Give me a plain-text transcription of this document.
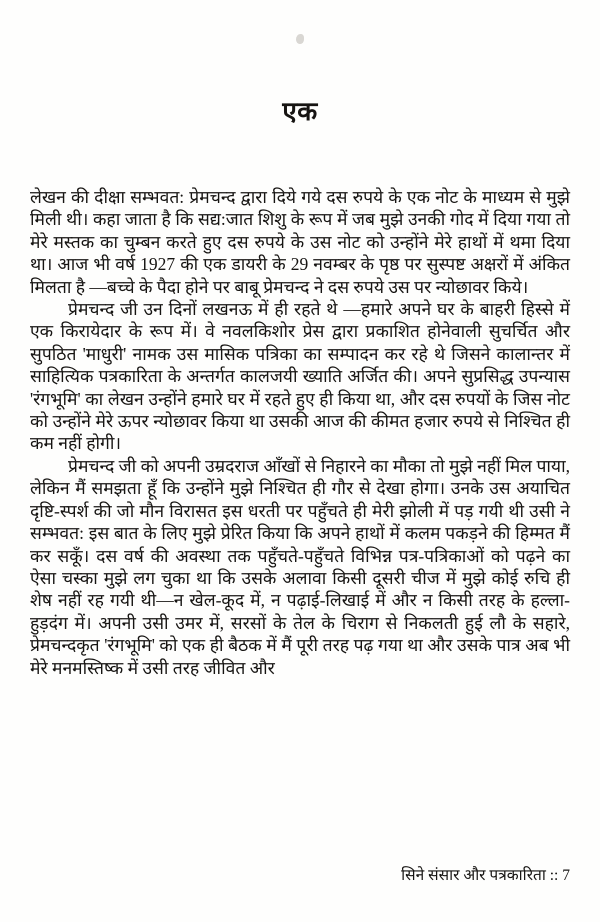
एक

लेखन की दीक्षा सम्भवत: प्रेमचन्द द्वारा दिये गये दस रुपये के एक नोट के माध्यम से मुझे मिली थी। कहा जाता है कि सद्य:जात शिशु के रूप में जब मुझे उनकी गोद में दिया गया तो मेरे मस्तक का चुम्बन करते हुए दस रुपये के उस नोट को उन्होंने मेरे हाथों में थमा दिया था। आज भी वर्ष 1927 की एक डायरी के 29 नवम्बर के पृष्ठ पर सुस्पष्ट अक्षरों में अंकित मिलता है —बच्चे के पैदा होने पर बाबू प्रेमचन्द ने दस रुपये उस पर न्योछावर किये।

प्रेमचन्द जी उन दिनों लखनऊ में ही रहते थे —हमारे अपने घर के बाहरी हिस्से में एक किरायेदार के रूप में। वे नवलकिशोर प्रेस द्वारा प्रकाशित होनेवाली सुचर्चित और सुपठित 'माधुरी' नामक उस मासिक पत्रिका का सम्पादन कर रहे थे जिसने कालान्तर में साहित्यिक पत्रकारिता के अन्तर्गत कालजयी ख्याति अर्जित की। अपने सुप्रसिद्ध उपन्यास 'रंगभूमि' का लेखन उन्होंने हमारे घर में रहते हुए ही किया था, और दस रुपयों के जिस नोट को उन्होंने मेरे ऊपर न्योछावर किया था उसकी आज की कीमत हजार रुपये से निश्चित ही कम नहीं होगी।

प्रेमचन्द जी को अपनी उम्रदराज आँखों से निहारने का मौका तो मुझे नहीं मिल पाया, लेकिन मैं समझता हूँ कि उन्होंने मुझे निश्चित ही गौर से देखा होगा। उनके उस अयाचित दृष्टि-स्पर्श की जो मौन विरासत इस धरती पर पहुँचते ही मेरी झोली में पड़ गयी थी उसी ने सम्भवत: इस बात के लिए मुझे प्रेरित किया कि अपने हाथों में कलम पकड़ने की हिम्मत मैं कर सकूँ। दस वर्ष की अवस्था तक पहुँचते-पहुँचते विभिन्न पत्र-पत्रिकाओं को पढ़ने का ऐसा चस्का मुझे लग चुका था कि उसके अलावा किसी दूसरी चीज में मुझे कोई रुचि ही शेष नहीं रह गयी थी—न खेल-कूद में, न पढ़ाई-लिखाई में और न किसी तरह के हल्ला-हुड़दंग में। अपनी उसी उमर में, सरसों के तेल के चिराग से निकलती हुई लौ के सहारे, प्रेमचन्दकृत 'रंगभूमि' को एक ही बैठक में मैं पूरी तरह पढ़ गया था और उसके पात्र अब भी मेरे मनमस्तिष्क में उसी तरह जीवित और

सिने संसार और पत्रकारिता :: 7
